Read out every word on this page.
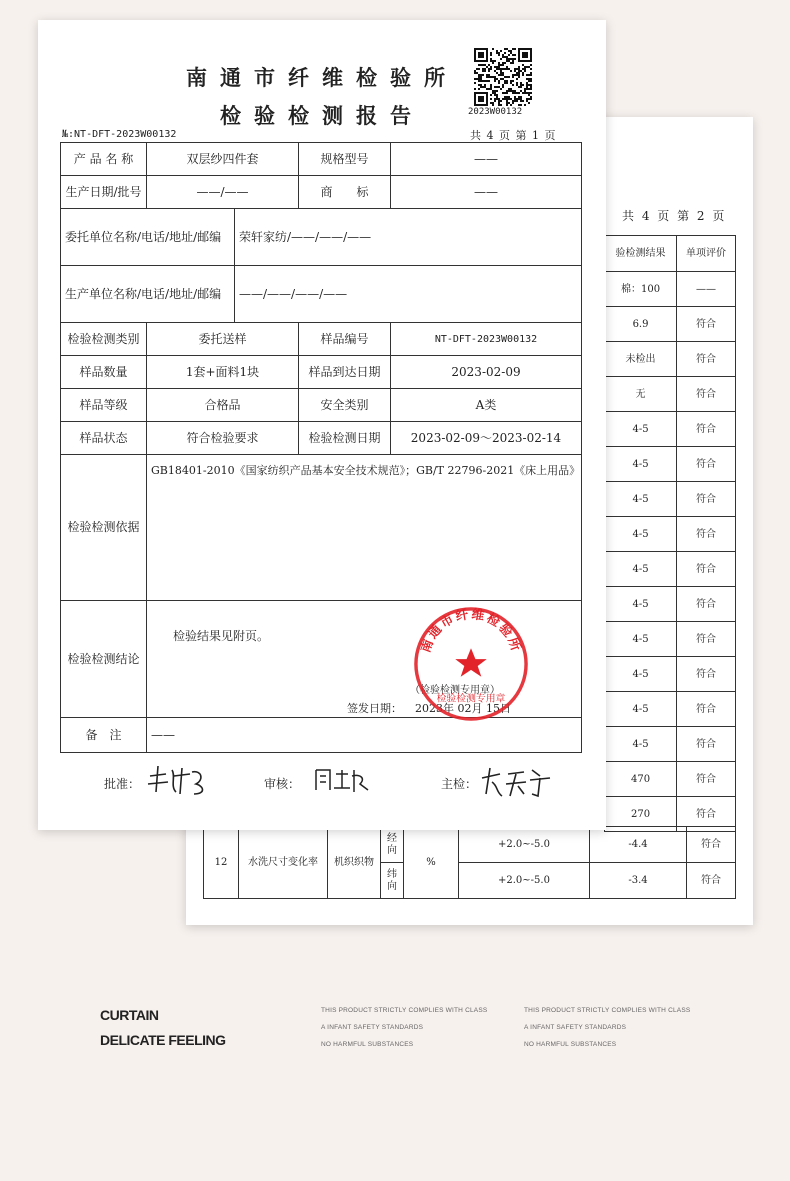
共 4 页 第 2 页
验检测结果	单项评价
棉：100	——
6.9	符合
未检出	符合
无	符合
4-5	符合
4-5	符合
4-5	符合
4-5	符合
4-5	符合
4-5	符合
4-5	符合
4-5	符合
4-5	符合
4-5	符合
470	符合
270	符合
12	水洗尺寸变化率	机织织物	经向	%	+2.0~-5.0	-4.4	符合
			纬向		+2.0~-5.0	-3.4	符合
南通市纤维检验所
检验检测报告	2023W00132
№:NT-DFT-2023W00132	共 4 页 第 1 页
产 品 名 称	双层纱四件套		规格型号	——
生产日期/批号	——/——		商　　标	——
委托单位名称/电话/地址/邮编		荣轩家纺/——/——/——		
生产单位名称/电话/地址/邮编		——/——/——/——		
检验检测类别	委托送样		样品编号	NT-DFT-2023W00132
样品数量	1套+面料1块		样品到达日期	2023-02-09
样品等级	合格品		安全类别	A类
样品状态	符合检验要求		检验检测日期	2023-02-09～2023-02-14
检验检测依据	GB18401-2010《国家纺织产品基本安全技术规范》；GB/T 22796-2021《床上用品》			
检验检测结论	检验结果见附页。
（检验检测专用章）
签发日期： 2023年 02月 15日			

备　注	——			
南通市纤维检验所
检验检测专用章
批准：	审核：	主检：
CURTAIN
DELICATE FEELING
THIS PRODUCT STRICTLY COMPLIES WITH CLASS
A INFANT SAFETY STANDARDS
NO HARMFUL SUBSTANCES
THIS PRODUCT STRICTLY COMPLIES WITH CLASS
A INFANT SAFETY STANDARDS
NO HARMFUL SUBSTANCES
